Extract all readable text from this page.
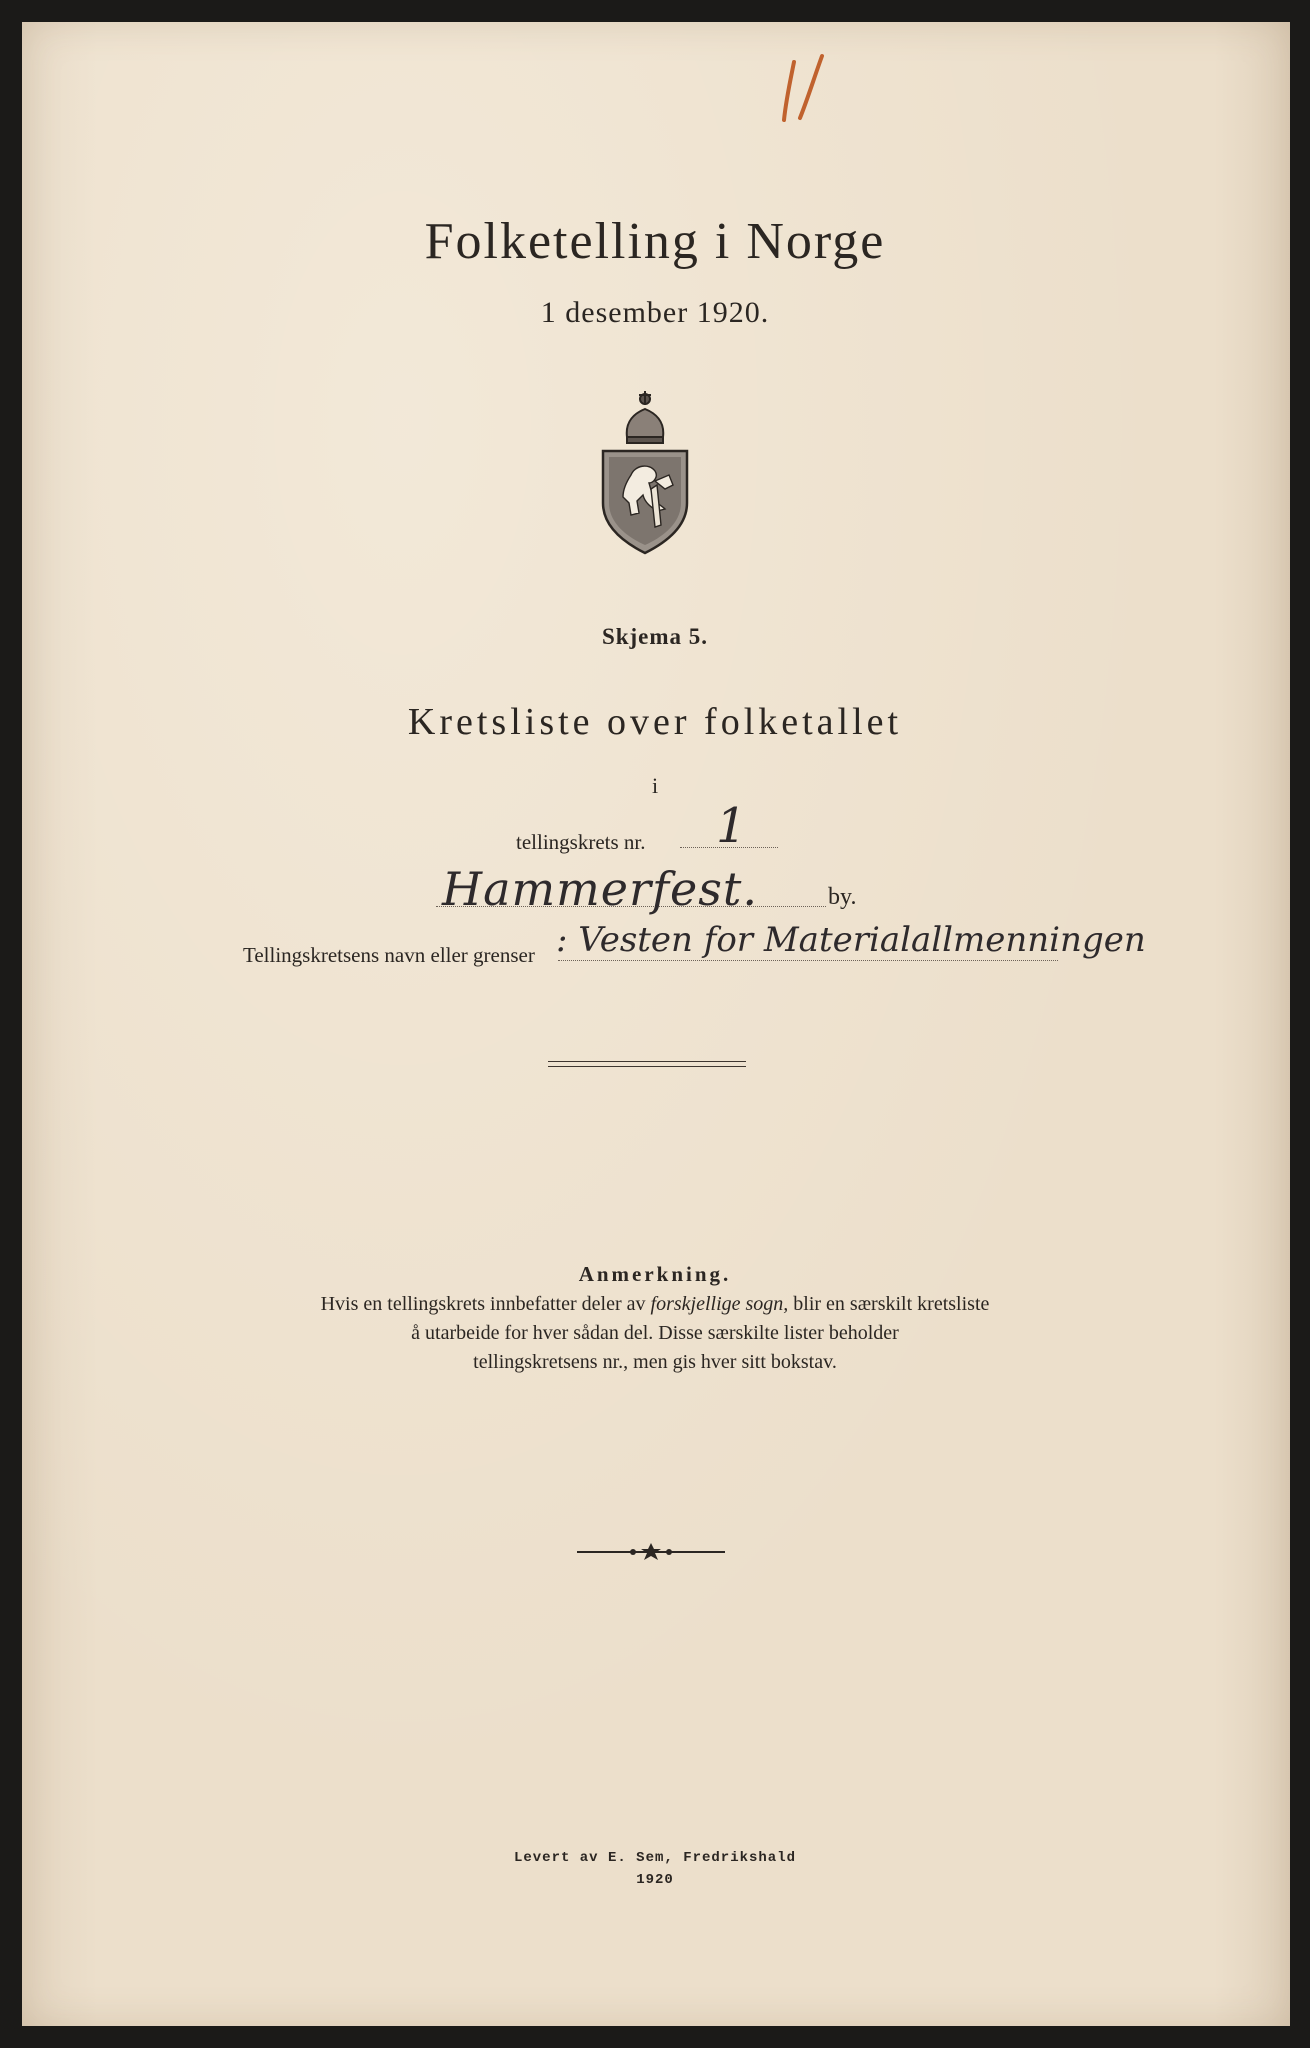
Folketelling i Norge
1 desember 1920.
Skjema 5.
Kretsliste over folketallet
i
tellingskrets nr. 1
Hammerfest.	by.
Tellingskretsens navn eller grenser : Vesten for Materialallmenningen
Anmerkning.
Hvis en tellingskrets innbefatter deler av forskjellige sogn, blir en særskilt kretsliste
å utarbeide for hver sådan del. Disse særskilte lister beholder
tellingskretsens nr., men gis hver sitt bokstav.
Levert av E. Sem, Fredrikshald
1920
